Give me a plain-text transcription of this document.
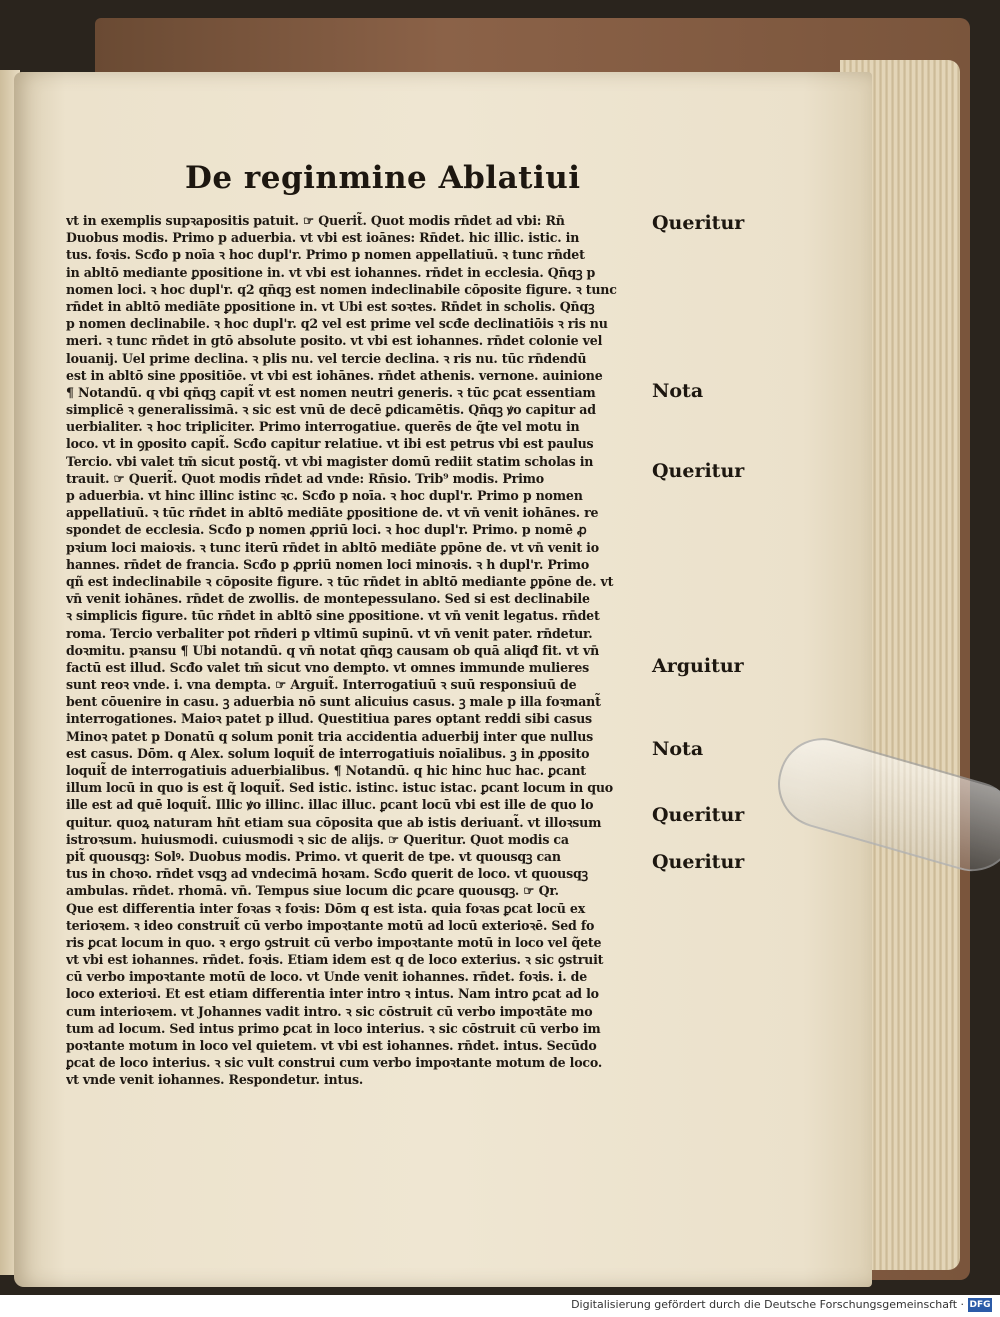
De reginmine Ablatiui
vt in exemplis supꝛapositis patuit. ☞ Querit̃. Quot modis rn̄det ad vbi: Rn̄
Duobus modis. Primo p aduerbia. vt vbi est ioānes: Rn̄det. hic illic. istic. in
tus. foꝛis. Scđo p noīa ꝛ hoc dupl'r. Primo p nomen appellatiuū. ꝛ tunc rn̄det
in abltō mediante ꝑpositione in. vt vbi est iohannes. rn̄det in ecclesia. Qn̄qꝫ p
nomen loci. ꝛ hoc dupl'r. q2 qn̄qꝫ est nomen indeclinabile cōposite figure. ꝛ tunc
rn̄det in abltō mediāte ꝑpositione in. vt Ubi est soꝛtes. Rn̄det in scholis. Qn̄qꝫ
p nomen declinabile. ꝛ hoc dupl'r. q2 vel est prime vel scđe declinatiōis ꝛ ris nu
meri. ꝛ tunc rn̄det in gtō absolute posito. vt vbi est iohannes. rn̄det colonie vel
louanij. Uel prime declina. ꝛ plis nu. vel tercie declina. ꝛ ris nu. tūc rn̄dendū
est in abltō sine ꝑpositiōe. vt vbi est iohānes. rn̄det athenis. vernone. auinione
¶ Notandū. q vbi qn̄qꝫ capit̃ vt est nomen neutri generis. ꝛ tūc ꝑcat essentiam
simplicē ꝛ generalissimā. ꝛ sic est vnū de decē ꝑdicamētis. Qn̄qꝫ ꝟo capitur ad
uerbialiter. ꝛ hoc tripliciter. Primo interrogatiue. querēs de q̃te vel motu in
loco. vt in ꝯposito capit̃. Scđo capitur relatiue. vt ibi est petrus vbi est paulus
Tercio. vbi valet tm̄ sicut postq̃. vt vbi magister domū rediit statim scholas in
trauit. ☞ Querit̃. Quot modis rn̄det ad vnde: Rn̄sio. Trib⁹ modis. Primo
p aduerbia. vt hinc illinc istinc ꝛc. Scđo p noīa. ꝛ hoc dupl'r. Primo p nomen
appellatiuū. ꝛ tūc rn̄det in abltō mediāte ꝑpositione de. vt vn̄ venit iohānes. re
spondet de ecclesia. Scđo p nomen ꝓpriū loci. ꝛ hoc dupl'r. Primo. p nomē ꝓ
pꝛium loci maioꝛis. ꝛ tunc iterū rn̄det in abltō mediāte ꝑpōne de. vt vn̄ venit io
hannes. rn̄det de francia. Scđo p ꝓpriū nomen loci minoꝛis. ꝛ h dupl'r. Primo
qñ est indeclinabile ꝛ cōposite figure. ꝛ tūc rn̄det in abltō mediante ꝑpōne de. vt
vn̄ venit iohānes. rn̄det de zwollis. de montepessulano. Sed si est declinabile
ꝛ simplicis figure. tūc rn̄det in abltō sine ꝑpositione. vt vn̄ venit legatus. rn̄det
roma. Tercio verbaliter pot rn̄deri p vltimū supinū. vt vn̄ venit pater. rn̄detur.
doꝛmitu. pꝛansu ¶ Ubi notandū. q vn̄ notat qn̄qꝫ causam ob quā aliqđ fit. vt vn̄
factū est illud. Scđo valet tm̄ sicut vno dempto. vt omnes immunde mulieres
sunt reoꝛ vnde. i. vna dempta. ☞ Arguit̃. Interrogatiuū ꝛ suū responsiuū de
bent cōuenire in casu. ꝫ aduerbia nō sunt alicuius casus. ꝫ male p illa foꝛmant̃
interrogationes. Maioꝛ patet p illud. Questitiua pares optant reddi sibi casus
Minoꝛ patet p Donatū q solum ponit tria accidentia aduerbij inter que nullus
est casus. Dōm. q Alex. solum loquit̃ de interrogatiuis noīalibus. ꝫ in ꝓposito
loquit̃ de interrogatiuis aduerbialibus. ¶ Notandū. q hic hinc huc hac. ꝑcant
illum locū in quo is est q̃ loquit̃. Sed istic. istinc. istuc istac. ꝑcant locum in quo
ille est ad quē loquit̃. Illic ꝟo illinc. illac illuc. ꝑcant locū vbi est ille de quo lo
quitur. quoꝝ naturam hn̄t etiam sua cōposita que ab istis deriuant̃. vt illoꝛsum
istroꝛsum. huiusmodi. cuiusmodi ꝛ sic de alijs. ☞ Queritur. Quot modis ca
pit̃ quousqꝫ: Solꝰ. Duobus modis. Primo. vt querit de tpe. vt quousqꝫ can
tus in choꝛo. rn̄det vsqꝫ ad vndecimā hoꝛam. Scđo querit de loco. vt quousqꝫ
ambulas. rn̄det. rhomā. vn̄. Tempus siue locum dic ꝑcare quousqꝫ. ☞ Qr.
Que est differentia inter foꝛas ꝛ foꝛis: Dōm q est ista. quia foꝛas ꝑcat locū ex
terioꝛem. ꝛ ideo construit̃ cū verbo impoꝛtante motū ad locū exterioꝛē. Sed fo
ris ꝑcat locum in quo. ꝛ ergo ꝯstruit cū verbo impoꝛtante motū in loco vel q̃ete
vt vbi est iohannes. rn̄det. foꝛis. Etiam idem est q de loco exterius. ꝛ sic ꝯstruit
cū verbo impoꝛtante motū de loco. vt Unde venit iohannes. rn̄det. foꝛis. i. de
loco exterioꝛi. Et est etiam differentia inter intro ꝛ intus. Nam intro ꝑcat ad lo
cum interioꝛem. vt Johannes vadit intro. ꝛ sic cōstruit cū verbo impoꝛtāte mo
tum ad locum. Sed intus primo ꝑcat in loco interius. ꝛ sic cōstruit cū verbo im
poꝛtante motum in loco vel quietem. vt vbi est iohannes. rn̄det. intus. Secūdo
ꝑcat de loco interius. ꝛ sic vult construi cum verbo impoꝛtante motum de loco.
vt vnde venit iohannes. Respondetur. intus.
Queritur
Nota
Queritur
Arguitur
Nota
Queritur
Queritur
Digitalisierung gefördert durch die Deutsche Forschungsgemeinschaft · DFG
